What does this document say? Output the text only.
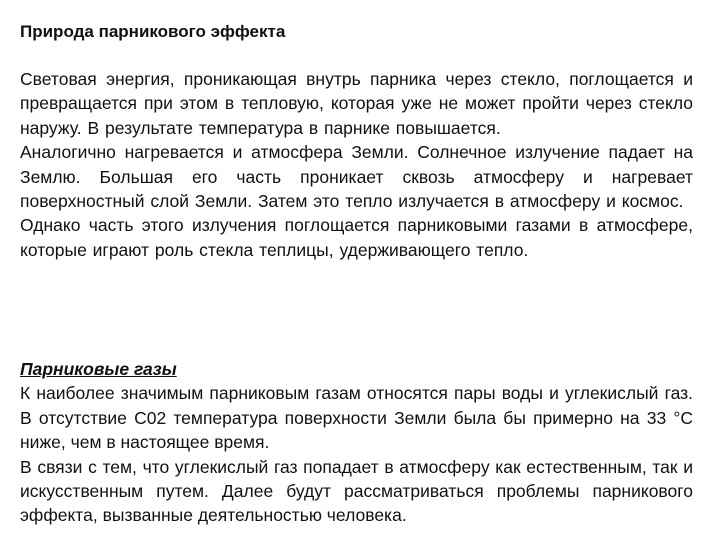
Природа парникового эффекта

Световая энергия, проникающая внутрь парника через стекло, поглощается и превращается при этом в тепловую, которая уже не может пройти через стекло наружу. В результате температура в парнике повышается.

Аналогично нагревается и атмосфера Земли. Солнечное излучение падает на Землю. Большая его часть проникает сквозь атмосферу и нагревает поверхностный слой Земли. Затем это тепло излучается в атмосферу и космос.

Однако часть этого излучения поглощается парниковыми газами в атмосфере, которые играют роль стекла теплицы, удерживающего тепло.

Парниковые газы

К наиболее значимым парниковым газам относятся пары воды и углекислый газ. В отсутствие С02 температура поверхности Земли была бы примерно на 33 °С ниже, чем в настоящее время.

В связи с тем, что углекислый газ попадает в атмосферу как естественным, так и искусственным путем. Далее будут рассматриваться проблемы парникового эффекта, вызванные деятельностью человека.
